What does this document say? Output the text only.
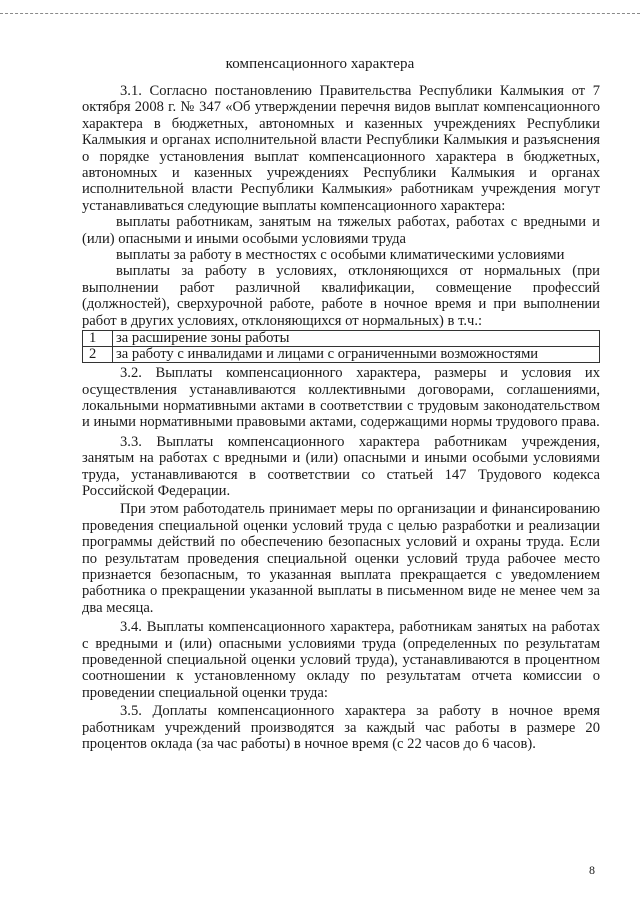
компенсационного характера

3.1. Согласно постановлению Правительства Республики Калмыкия от 7 октября 2008 г. № 347 «Об утверждении перечня видов выплат компенсационного характера в бюджетных, автономных и казенных учреждениях Республики Калмыкия и органах исполнительной власти Республики Калмыкия и разъяснения о порядке установления выплат компенсационного характера в бюджетных, автономных и казенных учреждениях Республики Калмыкия и органах исполнительной власти Республики Калмыкия» работникам учреждения могут устанавливаться следующие выплаты компенсационного характера:

выплаты работникам, занятым на тяжелых работах, работах с вредными и (или) опасными и иными особыми условиями труда

выплаты за работу в местностях с особыми климатическими условиями

выплаты за работу в условиях, отклоняющихся от нормальных (при выполнении работ различной квалификации, совмещение профессий (должностей), сверхурочной работе, работе в ночное время и при выполнении работ в других условиях, отклоняющихся от нормальных) в т.ч.:

1	за расширение зоны работы
2	за работу с инвалидами и лицами с ограниченными возможностями

3.2. Выплаты компенсационного характера, размеры и условия их осуществления устанавливаются коллективными договорами, соглашениями, локальными нормативными актами в соответствии с трудовым законодательством и иными нормативными правовыми актами, содержащими нормы трудового права.

3.3. Выплаты компенсационного характера работникам учреждения, занятым на работах с вредными и (или) опасными и иными особыми условиями труда, устанавливаются в соответствии со статьей 147 Трудового кодекса Российской Федерации.

При этом работодатель принимает меры по организации и финансированию проведения специальной оценки условий труда с целью разработки и реализации программы действий по обеспечению безопасных условий и охраны труда. Если по результатам проведения специальной оценки условий труда рабочее место признается безопасным, то указанная выплата прекращается с уведомлением работника о прекращении указанной выплаты в письменном виде не менее чем за два месяца.

3.4. Выплаты компенсационного характера, работникам занятых на работах с вредными и (или) опасными условиями труда (определенных по результатам проведенной специальной оценки условий труда), устанавливаются в процентном соотношении к установленному окладу по результатам отчета комиссии о проведении специальной оценки труда:

3.5. Доплаты компенсационного характера за работу в ночное время работникам учреждений производятся за каждый час работы в размере 20 процентов оклада (за час работы) в ночное время (с 22 часов до 6 часов).

8
